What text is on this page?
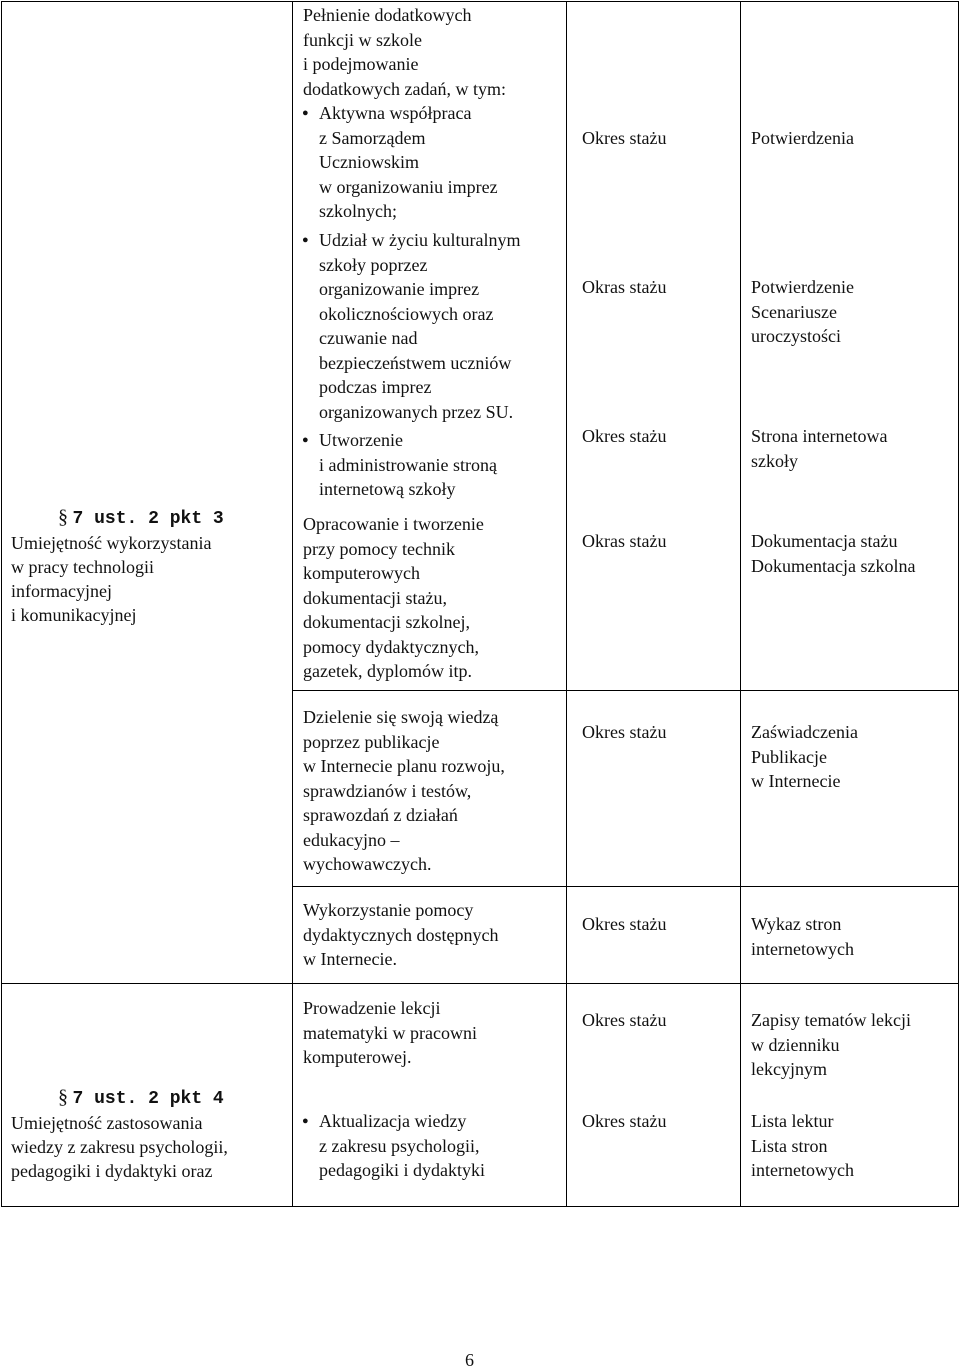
§ 7 ust. 2 pkt 3
Umiejętność wykorzystania
w pracy technologii
informacyjnej
i komunikacyjnej
Pełnienie dodatkowych
funkcji w szkole
i podejmowanie
dodatkowych zadań, w tym:
● Aktywna współpraca
z Samorządem
Uczniowskim
w organizowaniu imprez
szkolnych;
● Udział w życiu kulturalnym
szkoły poprzez
organizowanie imprez
okolicznościowych oraz
czuwanie nad
bezpieczeństwem uczniów
podczas imprez
organizowanych przez SU.
● Utworzenie
i administrowanie stroną
internetową szkoły
Opracowanie i tworzenie
przy pomocy technik
komputerowych
dokumentacji stażu,
dokumentacji szkolnej,
pomocy dydaktycznych,
gazetek, dyplomów itp.
Okres stażu
Okras stażu
Okres stażu
Okras stażu
Potwierdzenia
Potwierdzenie
Scenariusze
uroczystości
Strona internetowa
szkoły
Dokumentacja stażu
Dokumentacja szkolna
Dzielenie się swoją wiedzą
poprzez publikacje
w Internecie planu rozwoju,
sprawdzianów i testów,
sprawozdań z działań
edukacyjno –
wychowawczych.
Okres stażu	Zaświadczenia
Publikacje
w Internecie
Wykorzystanie pomocy
dydaktycznych dostępnych
w Internecie.
Okres stażu	Wykaz stron
internetowych
§ 7 ust. 2 pkt 4
Umiejętność zastosowania
wiedzy z zakresu psychologii,
pedagogiki i dydaktyki oraz
Prowadzenie lekcji
matematyki w pracowni
komputerowej.
● Aktualizacja wiedzy
z zakresu psychologii,
pedagogiki i dydaktyki
Okres stażu
Okres stażu
Zapisy tematów lekcji
w dzienniku
lekcyjnym
Lista lektur
Lista stron
internetowych
6
